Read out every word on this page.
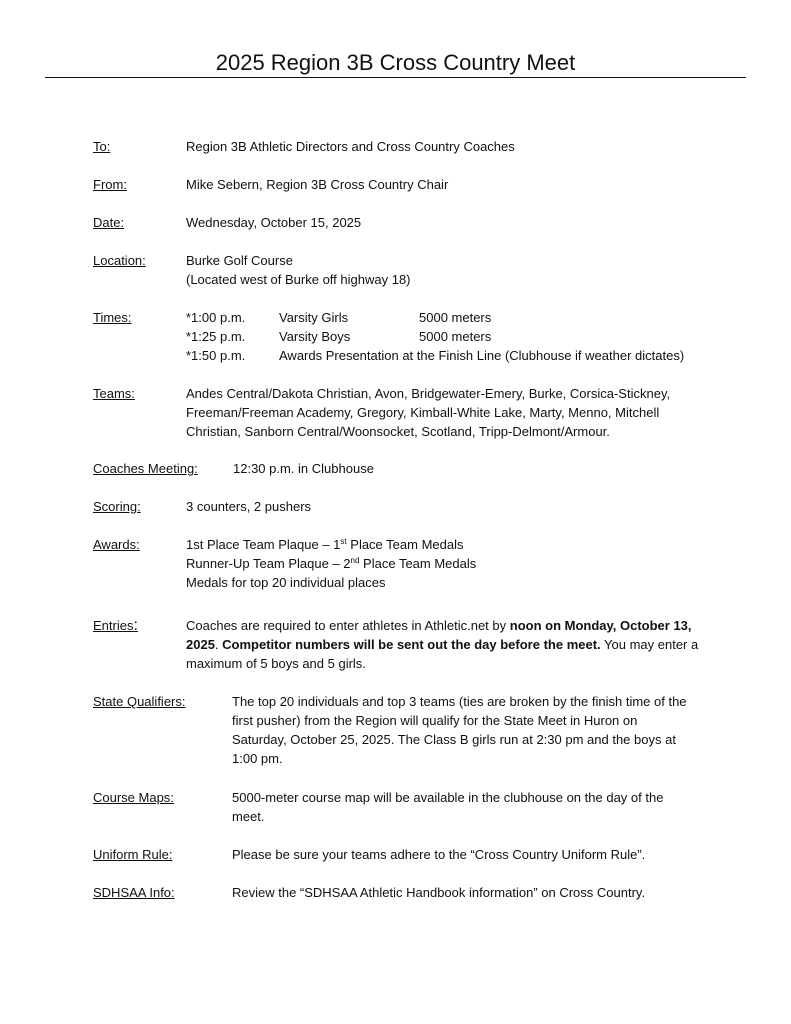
2025 Region 3B Cross Country Meet
To:	Region 3B Athletic Directors and Cross Country Coaches
From:	Mike Sebern, Region 3B Cross Country Chair
Date:	Wednesday, October 15, 2025
Location:	Burke Golf Course
(Located west of Burke off highway 18)
Times:	*1:00 p.m.	Varsity Girls	5000 meters
*1:25 p.m.	Varsity Boys	5000 meters
*1:50 p.m.	Awards Presentation at the Finish Line (Clubhouse if weather dictates)
Teams:	Andes Central/Dakota Christian, Avon, Bridgewater-Emery, Burke, Corsica-Stickney,
Freeman/Freeman Academy, Gregory, Kimball-White Lake, Marty, Menno, Mitchell
Christian, Sanborn Central/Woonsocket, Scotland, Tripp-Delmont/Armour.
Coaches Meeting:	12:30 p.m. in Clubhouse
Scoring:	3 counters, 2 pushers
Awards:	1st Place Team Plaque – 1st Place Team Medals
Runner-Up Team Plaque – 2nd Place Team Medals
Medals for top 20 individual places
Entries:	Coaches are required to enter athletes in Athletic.net by noon on Monday, October 13,
2025. Competitor numbers will be sent out the day before the meet. You may enter a
maximum of 5 boys and 5 girls.
State Qualifiers:	The top 20 individuals and top 3 teams (ties are broken by the finish time of the
first pusher) from the Region will qualify for the State Meet in Huron on
Saturday, October 25, 2025. The Class B girls run at 2:30 pm and the boys at
1:00 pm.
Course Maps:	5000-meter course map will be available in the clubhouse on the day of the
meet.
Uniform Rule:	Please be sure your teams adhere to the “Cross Country Uniform Rule”.
SDHSAA Info:	Review the “SDHSAA Athletic Handbook information” on Cross Country.
